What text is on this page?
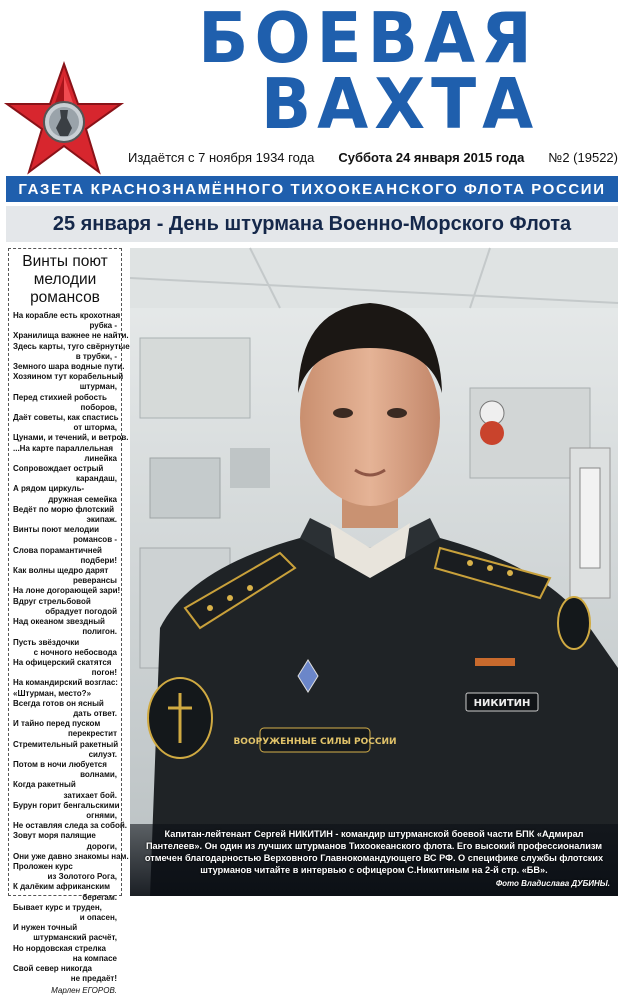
БОЕВАЯ
ВАХТА
Издаётся с 7 ноября 1934 года Суббота 24 января 2015 года №2 (19522)
ГАЗЕТА КРАСНОЗНАМЁННОГО ТИХООКЕАНСКОГО ФЛОТА РОССИИ
25 января - День штурмана Военно-Морского Флота
Винты поют мелодии романсов
На корабле есть крохотная
рубка -
Хранилища важнее не найти.
Здесь карты, туго свёрнутые
в трубки, -
Земного шара водные пути.
Хозяином тут корабельный
штурман,
Перед стихией робость
поборов,
Даёт советы, как спастись
от шторма,
Цунами, и течений, и ветров.
...На карте параллельная
линейка
Сопровождает острый
карандаш,
А рядом циркуль-
дружная семейка
Ведёт по морю флотский
экипаж.
Винты поют мелодии
романсов -
Слова порамантичней
подбери!
Как волны щедро дарят
реверансы
На лоне догорающей зари!
Вдруг стрельбовой
обрадует погодой
Над океаном звездный
полигон.
Пусть звёздочки
с ночного небосвода
На офицерский скатятся
погон!
На командирский возглас:
«Штурман, место?»
Всегда готов он ясный
дать ответ.
И тайно перед пуском
перекрестит
Стремительный ракетный
силуэт.
Потом в ночи любуется
волнами,
Когда ракетный
затихает бой.
Бурун горит бенгальскими
огнями,
Не оставляя следа за собой.
Зовут моря палящие
дороги,
Они уже давно знакомы нам.
Проложен курс
из Золотого Рога,
К далёким африканским
берегам.
Бывает курс и труден,
и опасен,
И нужен точный
штурманский расчёт,
Но нордовская стрелка
на компасе
Свой север никогда
не предаёт!
Марлен ЕГОРОВ.
ВООРУЖЕННЫЕ СИЛЫ РОССИИ
НИКИТИН
Капитан-лейтенант Сергей НИКИТИН - командир штурманской боевой части БПК «Адмирал Пантелеев». Он один из лучших штурманов Тихоокеанского флота. Его высокий профессионализм отмечен благодарностью Верховного Главнокомандующего ВС РФ. О специфике службы флотских штурманов читайте в интервью с офицером С.Никитиным на 2-й стр. «БВ».
Фото Владислава ДУБИНЫ.
